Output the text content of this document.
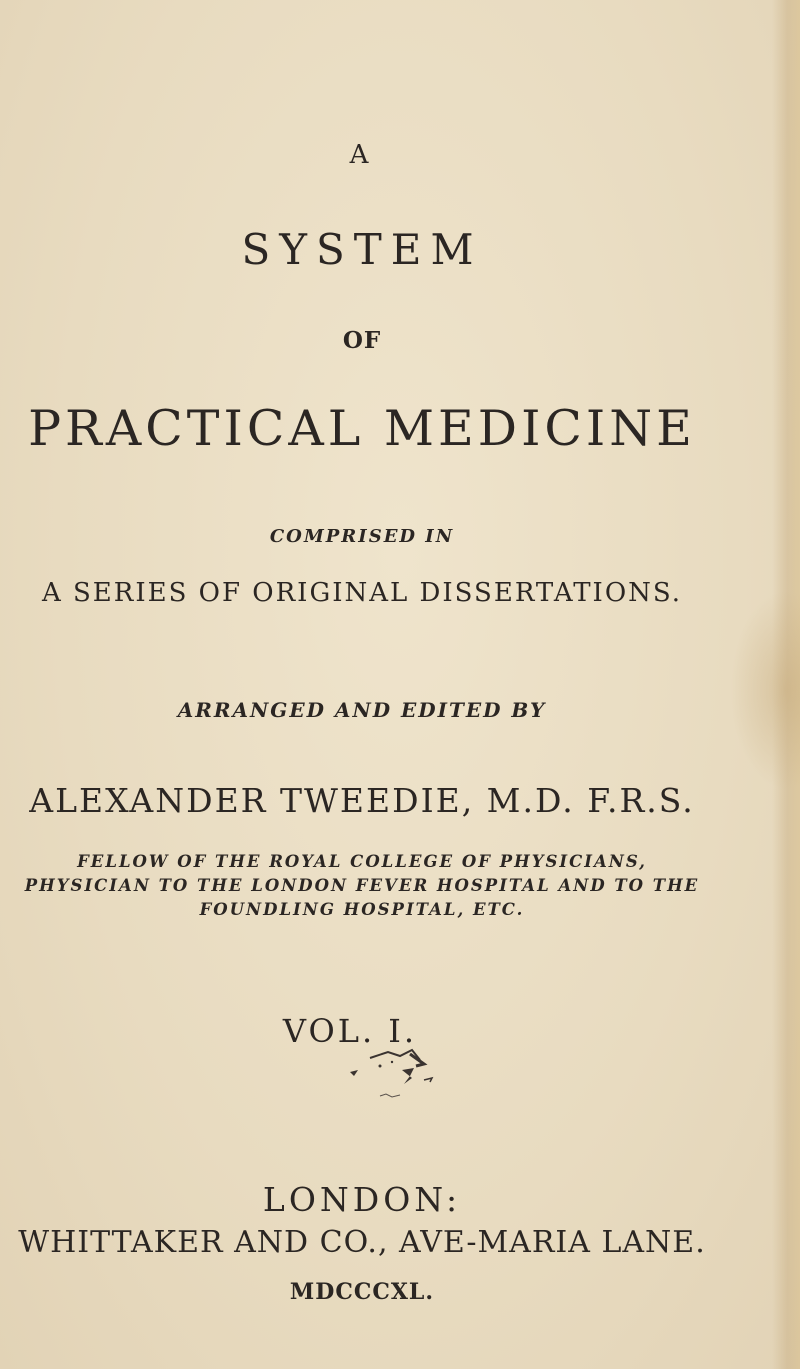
A
SYSTEM
OF
PRACTICAL MEDICINE
COMPRISED IN
A SERIES OF ORIGINAL DISSERTATIONS.
ARRANGED AND EDITED BY
ALEXANDER TWEEDIE, M.D. F.R.S.
FELLOW OF THE ROYAL COLLEGE OF PHYSICIANS,
PHYSICIAN TO THE LONDON FEVER HOSPITAL AND TO THE
FOUNDLING HOSPITAL, ETC.
VOL. I.
LONDON:
WHITTAKER AND CO., AVE-MARIA LANE.
MDCCCXL.
